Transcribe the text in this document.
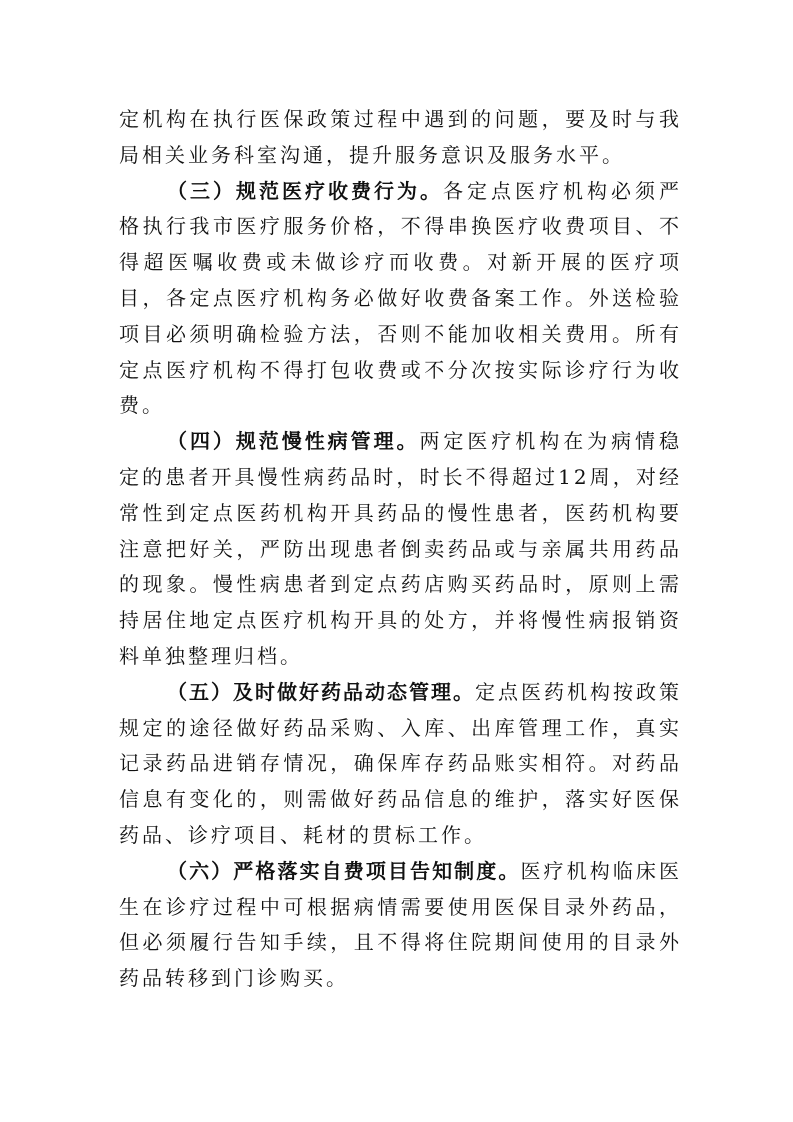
定机构在执行医保政策过程中遇到的问题，要及时与我局相关业务科室沟通，提升服务意识及服务水平。

（三）规范医疗收费行为。各定点医疗机构必须严格执行我市医疗服务价格，不得串换医疗收费项目、不得超医嘱收费或未做诊疗而收费。对新开展的医疗项目，各定点医疗机构务必做好收费备案工作。外送检验项目必须明确检验方法，否则不能加收相关费用。所有定点医疗机构不得打包收费或不分次按实际诊疗行为收费。

（四）规范慢性病管理。两定医疗机构在为病情稳定的患者开具慢性病药品时，时长不得超过12周，对经常性到定点医药机构开具药品的慢性患者，医药机构要注意把好关，严防出现患者倒卖药品或与亲属共用药品的现象。慢性病患者到定点药店购买药品时，原则上需持居住地定点医疗机构开具的处方，并将慢性病报销资料单独整理归档。

（五）及时做好药品动态管理。定点医药机构按政策规定的途径做好药品采购、入库、出库管理工作，真实记录药品进销存情况，确保库存药品账实相符。对药品信息有变化的，则需做好药品信息的维护，落实好医保药品、诊疗项目、耗材的贯标工作。

（六）严格落实自费项目告知制度。医疗机构临床医生在诊疗过程中可根据病情需要使用医保目录外药品，但必须履行告知手续，且不得将住院期间使用的目录外药品转移到门诊购买。
